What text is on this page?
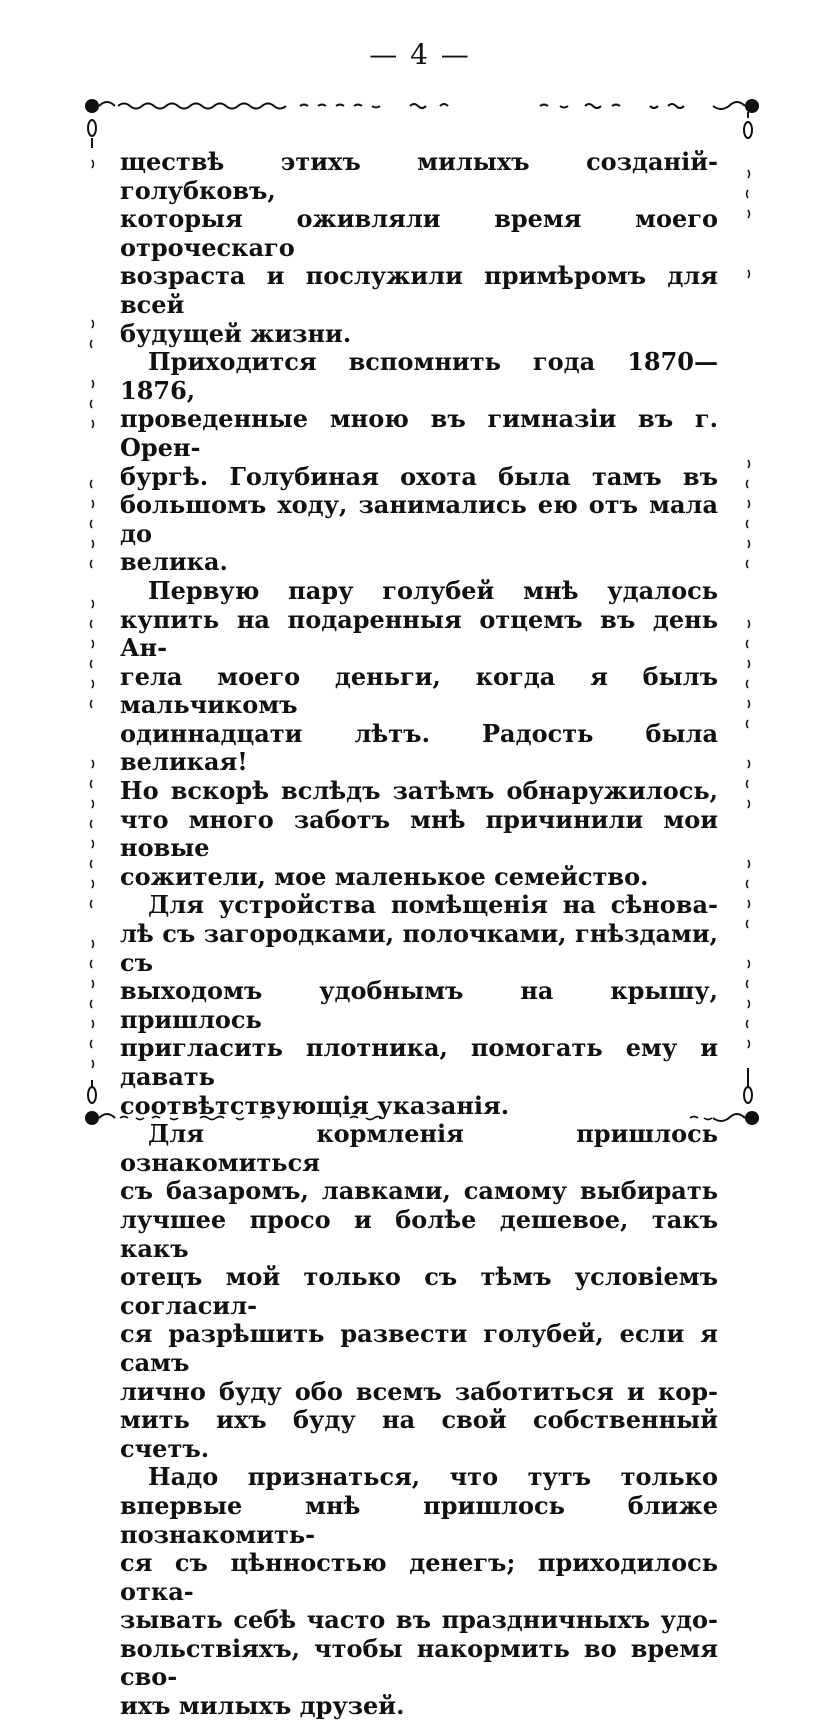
— 4 —

ществѣ этихъ милыхъ созданій-голубковъ,

которыя оживляли время моего отроческаго

возраста и послужили примѣромъ для всей

будущей жизни.

Приходится вспомнить года 1870—1876,

проведенные мною въ гимназіи въ г. Орен-

бургѣ. Голубиная охота была тамъ въ

большомъ ходу, занимались ею отъ мала до

велика.

Первую пару голубей мнѣ удалось

купить на подаренныя отцемъ въ день Ан-

гела моего деньги, когда я былъ мальчикомъ

одиннадцати лѣтъ. Радость была великая!

Но вскорѣ вслѣдъ затѣмъ обнаружилось,

что много заботъ мнѣ причинили мои новые

сожители, мое маленькое семейство.

Для устройства помѣщенія на сѣнова-

лѣ съ загородками, полочками, гнѣздами, съ

выходомъ удобнымъ на крышу, пришлось

пригласить плотника, помогать ему и давать

соотвѣтствующія указанія.

Для кормленія пришлось ознакомиться

съ базаромъ, лавками, самому выбирать

лучшее просо и болѣе дешевое, такъ какъ

отецъ мой только съ тѣмъ условіемъ согласил-

ся разрѣшить развести голубей, если я самъ

лично буду обо всемъ заботиться и кор-

мить ихъ буду на свой собственный счетъ.

Надо признаться, что тутъ только

впервые мнѣ пришлось ближе познакомить-

ся съ цѣнностью денегъ; приходилось отка-

зывать себѣ часто въ праздничныхъ удо-

вольствіяхъ, чтобы накормить во время сво-

ихъ милыхъ друзей.
